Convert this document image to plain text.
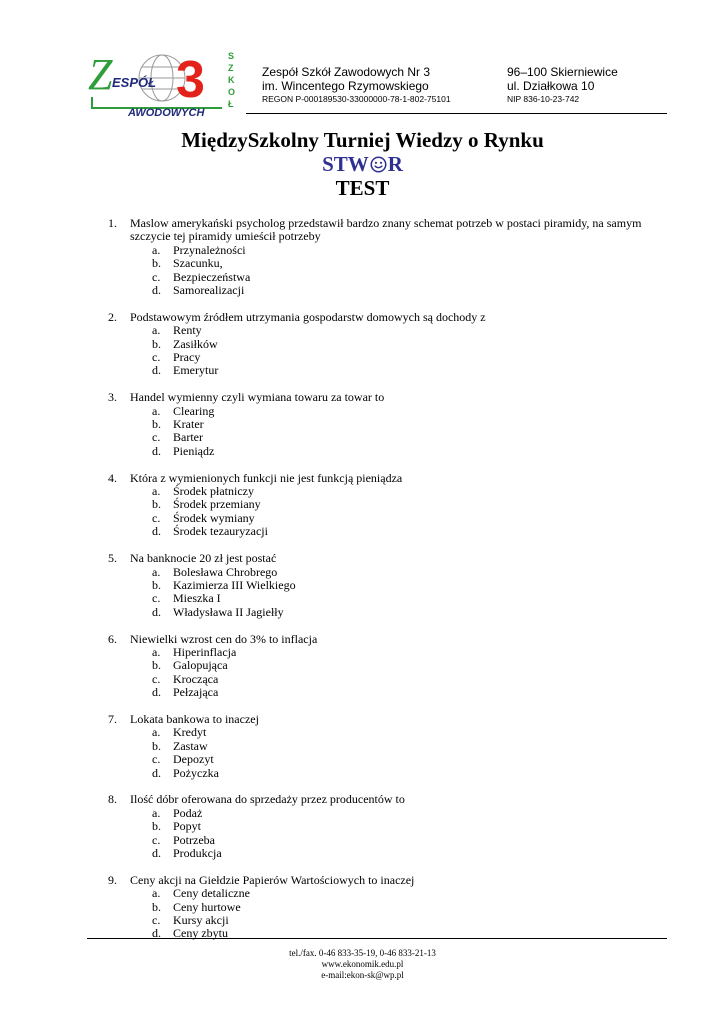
Z ESPÓŁ 3
AWODOWYCH
S
Z
K
O
Ł
Zespół Szkół Zawodowych Nr 3
im. Wincentego Rzymowskiego
REGON P-000189530-33000000-78-1-802-75101
96–100 Skierniewice
ul. Działkowa 10
NIP 836-10-23-742
MiędzySzkolny Turniej Wiedzy o Rynku
STW R
TEST
1.	Maslow amerykański psycholog przedstawił bardzo znany schemat potrzeb w postaci piramidy, na samym szczycie tej piramidy umieścił potrzeby
a. Przynależności
b. Szacunku,
c. Bezpieczeństwa
d. Samorealizacji
2.	Podstawowym źródłem utrzymania gospodarstw domowych są dochody z
a. Renty
b. Zasiłków
c. Pracy
d. Emerytur
3.	Handel wymienny czyli wymiana towaru za towar to
a. Clearing
b. Krater
c. Barter
d. Pieniądz
4.	Która z wymienionych funkcji nie jest funkcją pieniądza
a. Środek płatniczy
b. Środek przemiany
c. Środek wymiany
d. Środek tezauryzacji
5.	Na banknocie 20 zł jest postać
a. Bolesława Chrobrego
b. Kazimierza III Wielkiego
c. Mieszka I
d. Władysława II Jagiełły
6.	Niewielki wzrost cen do 3% to inflacja
a. Hiperinflacja
b. Galopująca
c. Krocząca
d. Pełzająca
7.	Lokata bankowa to inaczej
a. Kredyt
b. Zastaw
c. Depozyt
d. Pożyczka
8.	Ilość dóbr oferowana do sprzedaży przez producentów to
a. Podaż
b. Popyt
c. Potrzeba
d. Produkcja
9.	Ceny akcji na Giełdzie Papierów Wartościowych to inaczej
a. Ceny detaliczne
b. Ceny hurtowe
c. Kursy akcji
d. Ceny zbytu
tel./fax. 0-46 833-35-19, 0-46 833-21-13
www.ekonomik.edu.pl
e-mail:ekon-sk@wp.pl
